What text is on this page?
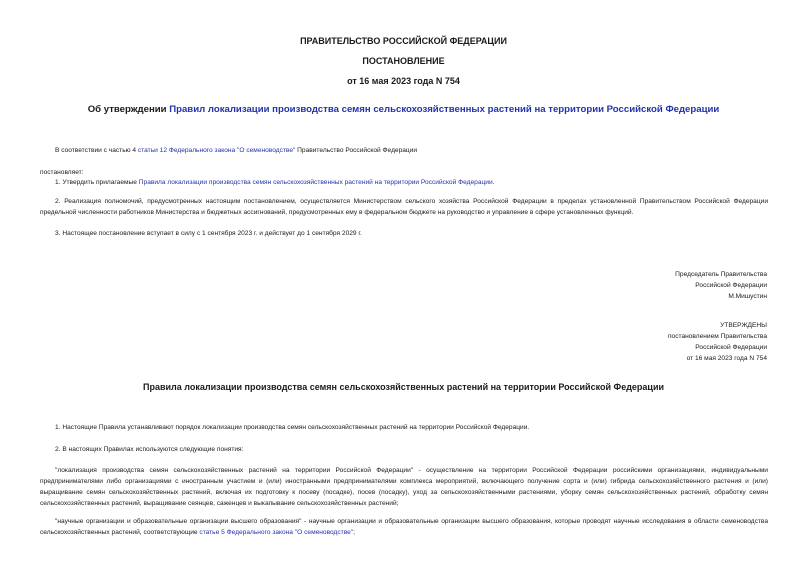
ПРАВИТЕЛЬСТВО РОССИЙСКОЙ ФЕДЕРАЦИИ
ПОСТАНОВЛЕНИЕ
от 16 мая 2023 года N 754
Об утверждении Правил локализации производства семян сельскохозяйственных растений на территории Российской Федерации
В соответствии с частью 4 статьи 12 Федерального закона "О семеноводстве" Правительство Российской Федерации
постановляет:
1. Утвердить прилагаемые Правила локализации производства семян сельскохозяйственных растений на территории Российской Федерации.
2. Реализация полномочий, предусмотренных настоящим постановлением, осуществляется Министерством сельского хозяйства Российской Федерации в пределах установленной Правительством Российской Федерации предельной численности работников Министерства и бюджетных ассигнований, предусмотренных ему в федеральном бюджете на руководство и управление в сфере установленных функций.
3. Настоящее постановление вступает в силу с 1 сентября 2023 г. и действует до 1 сентября 2029 г.
Председатель Правительства
Российской Федерации
М.Мишустин
УТВЕРЖДЕНЫ
постановлением Правительства
Российской Федерации
от 16 мая 2023 года N 754
Правила локализации производства семян сельскохозяйственных растений на территории Российской Федерации
1. Настоящие Правила устанавливают порядок локализации производства семян сельскохозяйственных растений на территории Российской Федерации.
2. В настоящих Правилах используются следующие понятия:
"локализация производства семян сельскохозяйственных растений на территории Российской Федерации" - осуществление на территории Российской Федерации российскими организациями, индивидуальными предпринимателями либо организациями с иностранным участием и (или) иностранными предпринимателями комплекса мероприятий, включающего получение сорта и (или) гибрида сельскохозяйственного растения и (или) выращивание семян сельскохозяйственных растений, включая их подготовку к посеву (посадке), посев (посадку), уход за сельскохозяйственными растениями, уборку семян сельскохозяйственных растений, обработку семян сельскохозяйственных растений, выращивание сеянцев, саженцев и выкапывание сельскохозяйственных растений;
"научные организации и образовательные организации высшего образования" - научные организации и образовательные организации высшего образования, которые проводят научные исследования в области семеноводства сельскохозяйственных растений, соответствующие статье 5 Федерального закона "О семеноводстве";
